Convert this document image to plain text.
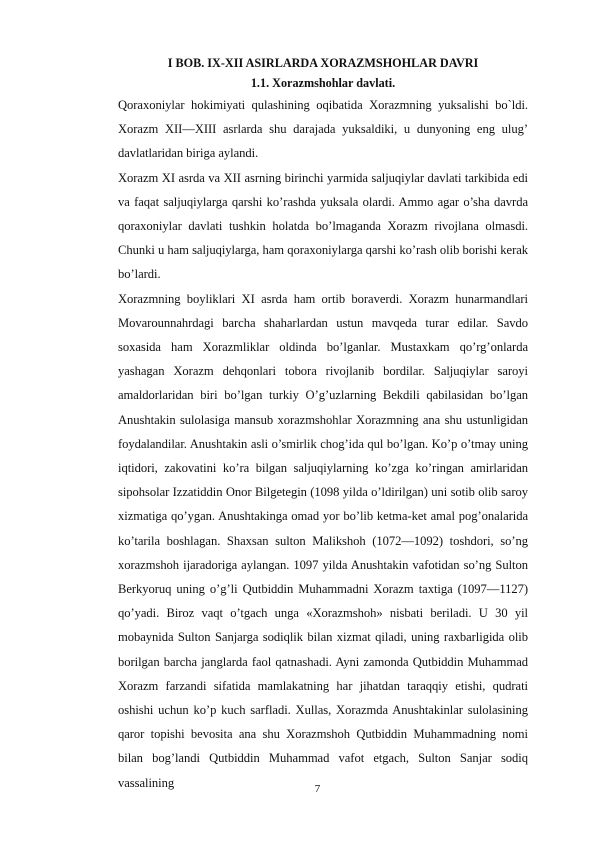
I BOB. IX-XII ASIRLARDA XORAZMSHOHLAR DAVRI

1.1. Xorazmshohlar davlati.

Qoraxoniylar hokimiyati qulashining oqibatida Xorazmning yuksalishi bo`ldi. Xorazm XII—XIII asrlarda shu darajada yuksaldiki, u dunyoning eng ulug’ davlatlaridan biriga aylandi.

Xorazm XI asrda va XII asrning birinchi yarmida saljuqiylar davlati tarkibida edi va faqat saljuqiylarga qarshi ko’rashda yuksala olardi. Ammo agar o’sha davrda qoraxoniylar davlati tushkin holatda bo’lmaganda Xorazm rivojlana olmasdi. Chunki u ham saljuqiylarga, ham qoraxoniylarga qarshi ko’rash olib borishi kerak bo’lardi.

Xorazmning boyliklari XI asrda ham ortib boraverdi. Xorazm hunarmandlari Movarounnahrdagi barcha shaharlardan ustun mavqeda turar edilar. Savdo soxasida ham Xorazmliklar oldinda bo’lganlar. Mustaxkam qo’rg’onlarda yashagan Xorazm dehqonlari tobora rivojlanib bordilar. Saljuqiylar saroyi amaldorlaridan biri bo’lgan turkiy O’g’uzlarning Bekdili qabilasidan bo’lgan Anushtakin sulolasiga mansub xorazmshohlar Xorazmning ana shu ustunligidan foydalandilar. Anushtakin asli o’smirlik chog’ida qul bo’lgan. Ko’p o’tmay uning iqtidori, zakovatini ko’ra bilgan saljuqiylarning ko’zga ko’ringan amirlaridan sipohsolar Izzatiddin Onor Bilgetegin (1098 yilda o’ldirilgan) uni sotib olib saroy xizmatiga qo’ygan. Anushtakinga omad yor bo’lib ketma-ket amal pog’onalarida ko’tarila boshlagan. Shaxsan sulton Malikshoh (1072—1092) toshdori, so’ng xorazmshoh ijaradoriga aylangan. 1097 yilda Anushtakin vafotidan so’ng Sulton Berkyoruq uning o’g’li Qutbiddin Muhammadni Xorazm taxtiga (1097—1127) qo’yadi. Biroz vaqt o’tgach unga «Xorazmshoh» nisbati beriladi. U 30 yil mobaynida Sulton Sanjarga sodiqlik bilan xizmat qiladi, uning raxbarligida olib borilgan barcha janglarda faol qatnashadi. Ayni zamonda Qutbiddin Muhammad Xorazm farzandi sifatida mamlakatning har jihatdan taraqqiy etishi, qudrati oshishi uchun ko’p kuch sarfladi. Xullas, Xorazmda Anushtakinlar sulolasining qaror topishi bevosita ana shu Xorazmshoh Qutbiddin Muhammadning nomi bilan bog’landi Qutbiddin Muhammad vafot etgach, Sulton Sanjar sodiq vassalining	7
